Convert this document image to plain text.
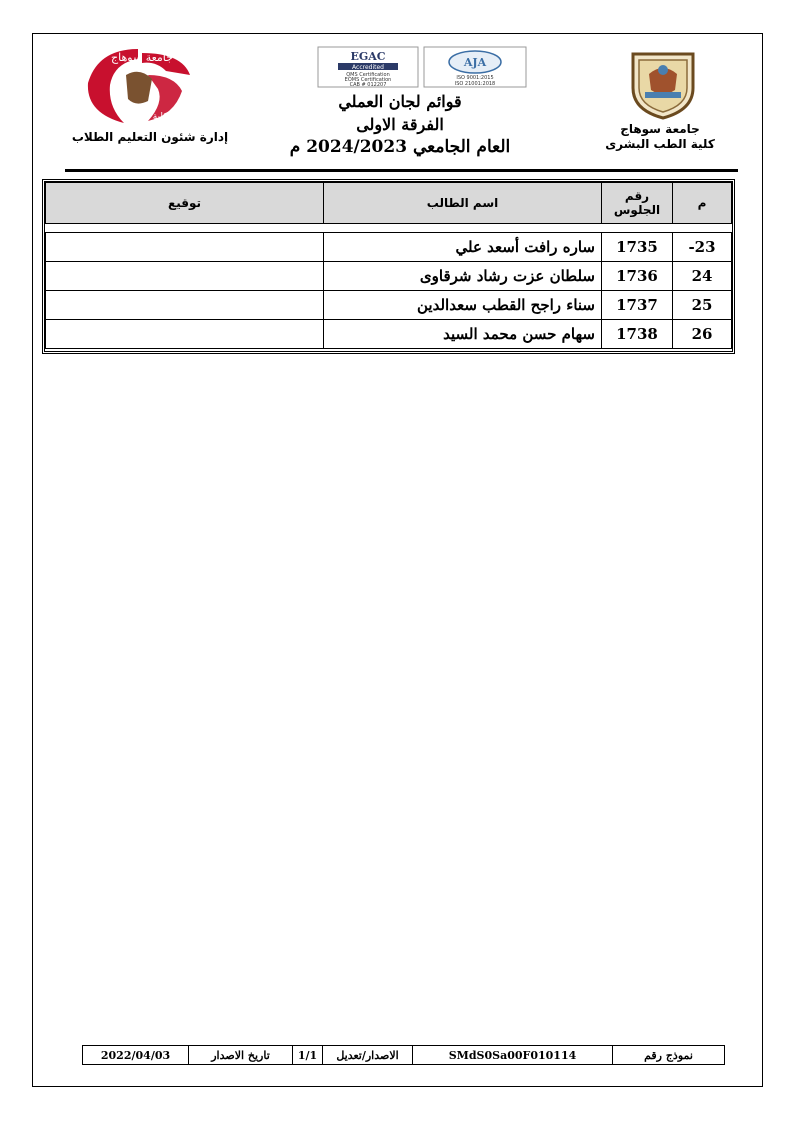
جامعة سوهاج
كلية الطب البشرى
جامعة سوهاج
كلية الطب
إدارة شئون التعليم الطلاب
EGAC
Accredited
QMS Certification
EOMS Certification
CAB # 012207
AJA
ISO 9001:2015
ISO 21001:2018
قوائم لجان العملي
الفرقة الاولى
العام الجامعي 2024/2023 م
م	رقم الجلوس	اسم الطالب	توقيع

23-	1735	ساره رافت أسعد علي	
24	1736	سلطان عزت رشاد شرقاوى	
25	1737	سناء راجح القطب سعدالدين	
26	1738	سهام حسن محمد السيد	
نموذج رقم
SMdS0Sa00F010114
الاصدار/تعديل
1/1
تاريخ الاصدار
2022/04/03
